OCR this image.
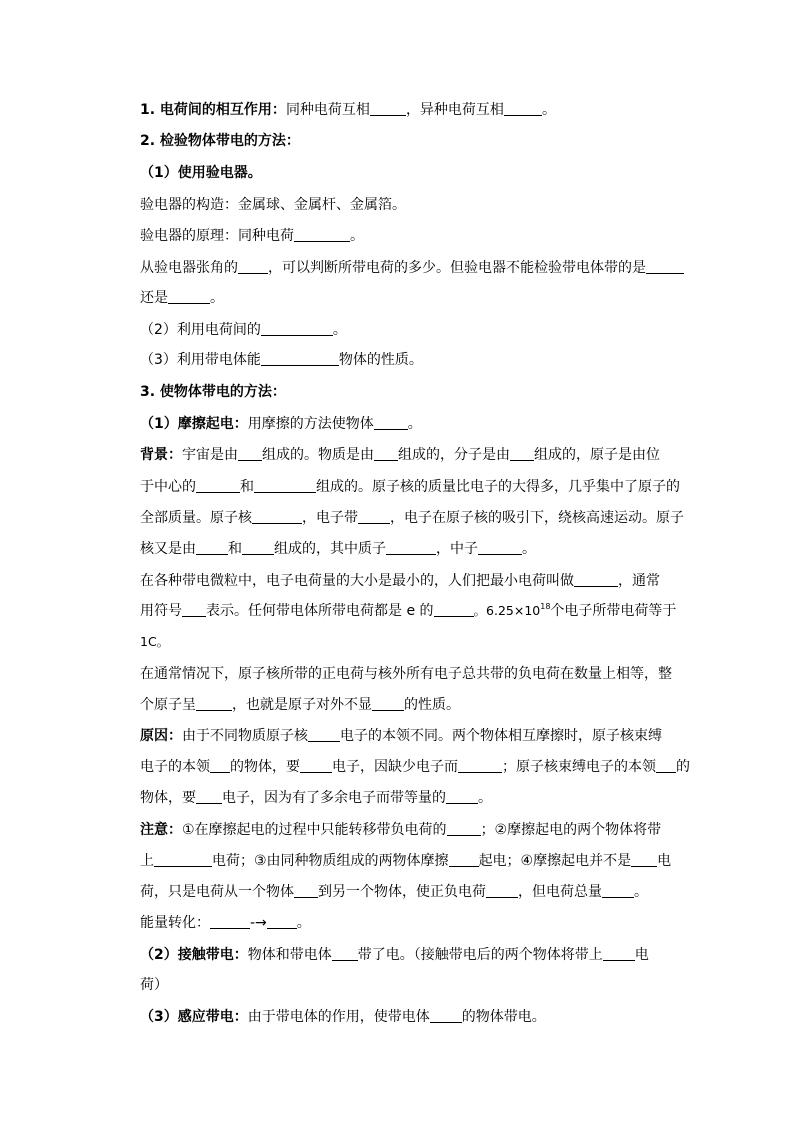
1. 电荷间的相互作用：同种电荷互相	，异种电荷互相	。
2. 检验物体带电的方法：
（1）使用验电器。
验电器的构造：金属球、金属杆、金属箔。
验电器的原理：同种电荷	。
从验电器张角的 ，可以判断所带电荷的多少。但验电器不能检验带电体带的是
还是	。
（2）利用电荷间的	。
（3）利用带电体能	物体的性质。
3. 使物体带电的方法：
（1）摩擦起电：用摩擦的方法使物体 。
背景：宇宙是由 组成的。物质是由 组成的，分子是由 组成的，原子是由位
于中心的	和	组成的。原子核的质量比电子的大得多，几乎集中了原子的
全部质量。原子核	，电子带 ，电子在原子核的吸引下，绕核高速运动。原子
核又是由 和 组成的，其中质子	，中子	。
在各种带电微粒中，电子电荷量的大小是最小的，人们把最小电荷叫做	，通常
用符号 表示。任何带电体所带电荷都是 e 的	。$6.25\times 10^{18}$个电子所带电荷等于
1C。
在通常情况下，原子核所带的正电荷与核外所有电子总共带的负电荷在数量上相等，整
个原子呈	，也就是原子对外不显 的性质。
原因：由于不同物质原子核 电子的本领不同。两个物体相互摩擦时，原子核束缚
电子的本领 的物体，要 电子，因缺少电子而	；原子核束缚电子的本领 的
物体，要 电子，因为有了多余电子而带等量的 。
注意：①在摩擦起电的过程中只能转移带负电荷的 ；②摩擦起电的两个物体将带
上	电荷；③由同种物质组成的两物体摩擦 起电；④摩擦起电并不是 电
荷，只是电荷从一个物体 到另一个物体，使正负电荷 ，但电荷总量 。
能量转化：	-→ 。
（2）接触带电：物体和带电体 带了电。（接触带电后的两个物体将带上 电
荷）
（3）感应带电：由于带电体的作用，使带电体 的物体带电。
